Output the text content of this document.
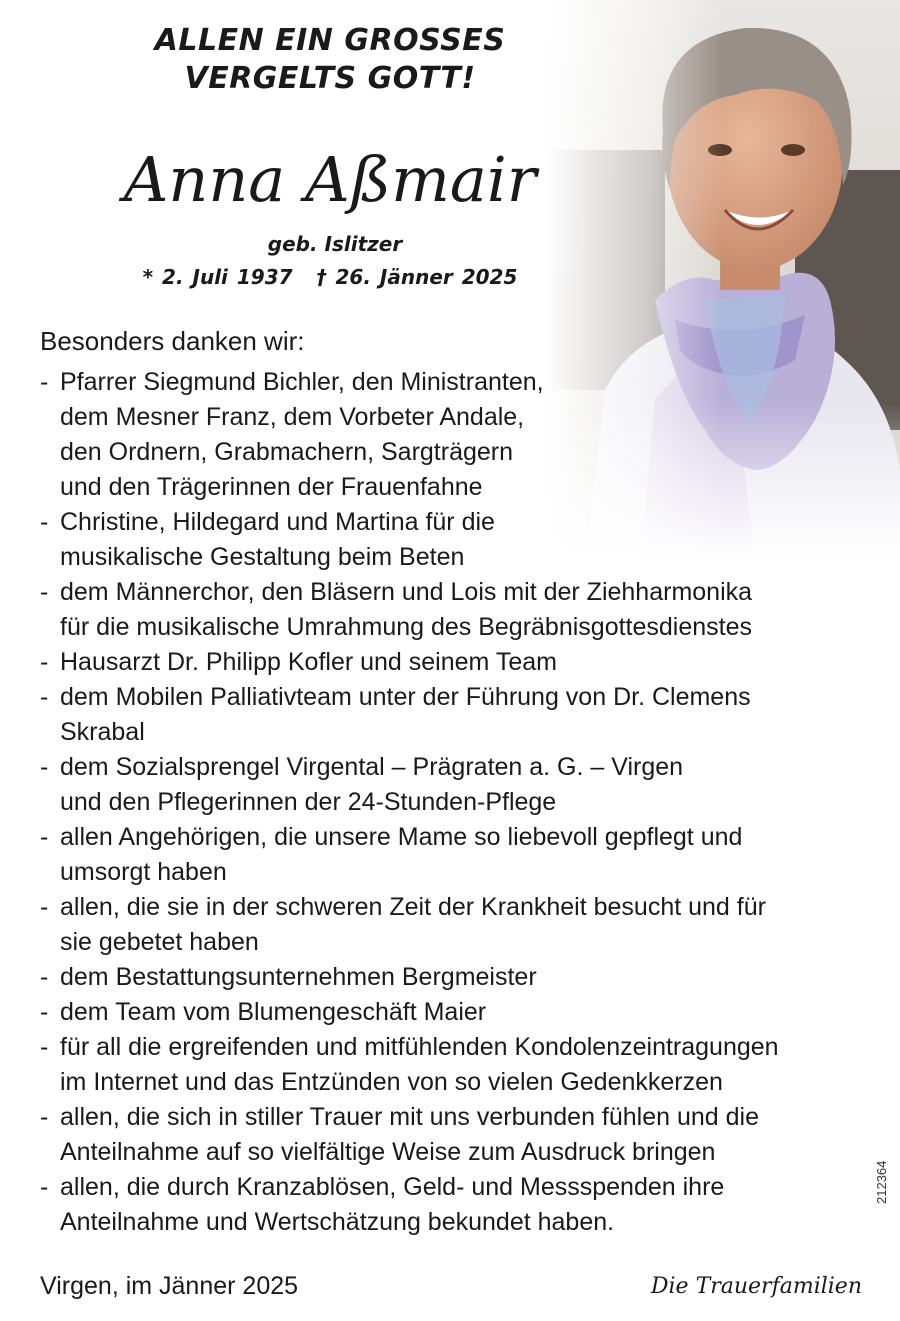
ALLEN EIN GROSSES
VERGELTS GOTT!
Anna Aßmair
geb. Islitzer
* 2. Juli 1937 † 26. Jänner 2025
Besonders danken wir:
- Pfarrer Siegmund Bichler, den Ministranten,
dem Mesner Franz, dem Vorbeter Andale,
den Ordnern, Grabmachern, Sargträgern
und den Trägerinnen der Frauenfahne
- Christine, Hildegard und Martina für die
musikalische Gestaltung beim Beten
- dem Männerchor, den Bläsern und Lois mit der Ziehharmonika
für die musikalische Umrahmung des Begräbnisgottesdienstes
- Hausarzt Dr. Philipp Kofler und seinem Team
- dem Mobilen Palliativteam unter der Führung von Dr. Clemens
Skrabal
- dem Sozialsprengel Virgental – Prägraten a. G. – Virgen
und den Pflegerinnen der 24-Stunden-Pflege
- allen Angehörigen, die unsere Mame so liebevoll gepflegt und
umsorgt haben
- allen, die sie in der schweren Zeit der Krankheit besucht und für
sie gebetet haben
- dem Bestattungsunternehmen Bergmeister
- dem Team vom Blumengeschäft Maier
- für all die ergreifenden und mitfühlenden Kondolenzeintragungen
im Internet und das Entzünden von so vielen Gedenkkerzen
- allen, die sich in stiller Trauer mit uns verbunden fühlen und die
Anteilnahme auf so vielfältige Weise zum Ausdruck bringen
- allen, die durch Kranzablösen, Geld- und Messspenden ihre
Anteilnahme und Wertschätzung bekundet haben.
Virgen, im Jänner 2025	Die Trauerfamilien
212364
